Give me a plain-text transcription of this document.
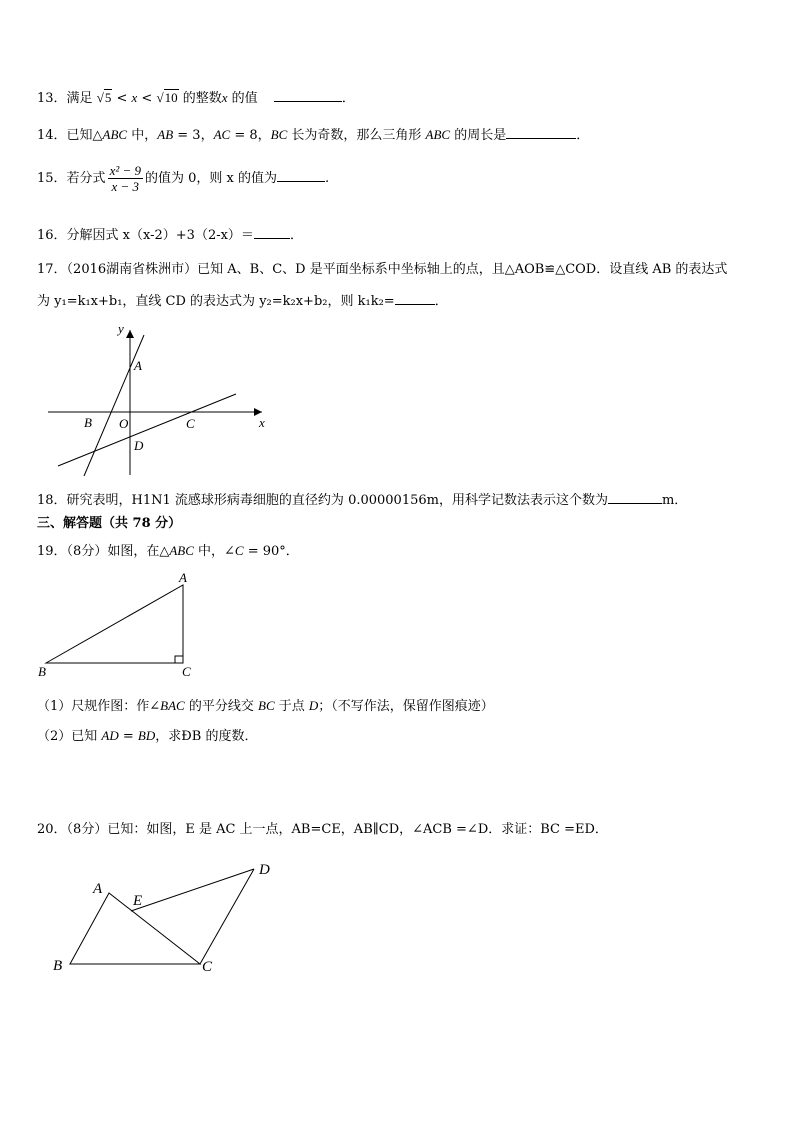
13．满足 √5 < x < √10 的整数x 的值	．
14．已知△ABC 中，AB = 3，AC = 8，BC 长为奇数，那么三角形 ABC 的周长是	．
15．若分式 $\frac{\text{x² − 9}}{x - 3}$ 的值为 0，则 x 的值为	.
16．分解因式 x（x-2）+3（2-x）＝	．
17．（2016湖南省株洲市）已知 A、B、C、D 是平面坐标系中坐标轴上的点，且△AOB≌△COD．设直线 AB 的表达式
为 y₁=k₁x+b₁，直线 CD 的表达式为 y₂=k₂x+b₂，则 k₁k₂=	．
y
x
A
B O	C
D
18．研究表明，H1N1 流感球形病毒细胞的直径约为 0.00000156m，用科学记数法表示这个数为	m．
三、解答题（共 78 分）
19．（8分）如图，在△ABC 中，∠C = 90°．
A
B	C
（1）尺规作图：作∠BAC 的平分线交 BC 于点 D；（不写作法，保留作图痕迹）
（2）已知 AD = BD，求ÐB 的度数．
20．（8分）已知：如图，E 是 AC 上一点，AB=CE，AB∥CD，∠ACB =∠D．求证：BC =ED．
A
B	C
D
E
